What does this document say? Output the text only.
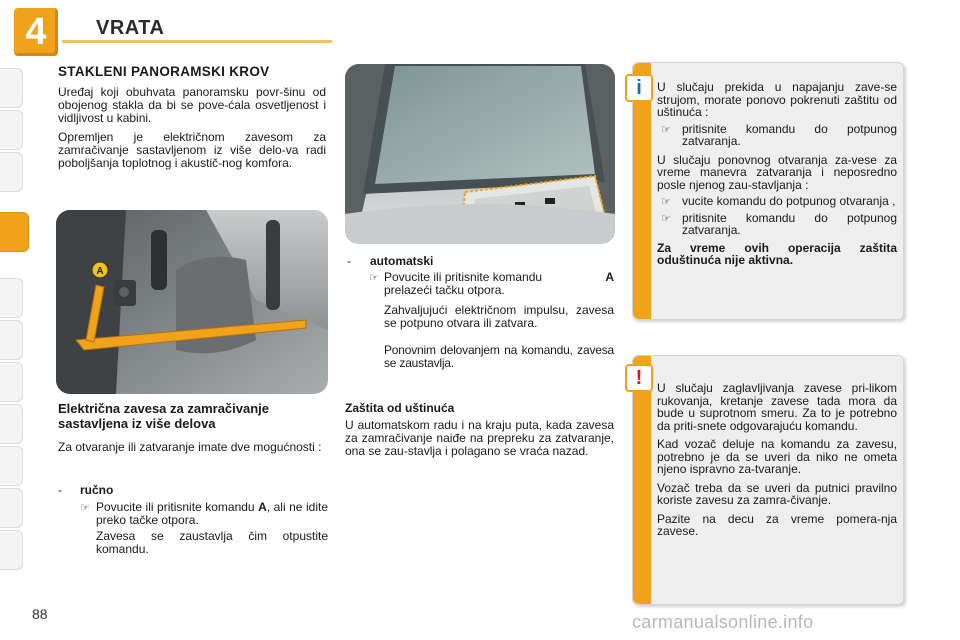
4	VRATA
STAKLENI PANORAMSKI KROV
Uređaj koji obuhvata panoramsku povr-šinu od obojenog stakla da bi se pove-ćala osvetljenost i vidljivost u kabini.
Opremljen je električnom zavesom za zamračivanje sastavljenom iz više delo-va radi poboljšanja toplotnog i akustič-nog komfora.
A
Električna zavesa za zamračivanje sastavljena iz više delova
Za otvaranje ili zatvaranje imate dve mogućnosti :
- ručno
☞ Povucite ili pritisnite komandu A, ali ne idite preko tačke otpora.
Zavesa se zaustavlja čim otpustite komandu.
- automatski
☞ Povucite ili pritisnite komandu	A

prelazeći tačku otpora.
Zahvaljujući električnom impulsu, zavesa se potpuno otvara ili zatvara.
Ponovnim delovanjem na komandu, zavesa se zaustavlja.
Zaštita od uštinuća
U automatskom radu i na kraju puta, kada zavesa za zamračivanje naiđe na prepreku za zatvaranje, ona se zau-stavlja i polagano se vraća nazad.
U slučaju prekida u napajanju zave-se strujom, morate ponovo pokrenuti zaštitu od uštinuća :
☞ pritisnite komandu do potpunog zatvaranja.
U slučaju ponovnog otvaranja za-vese za vreme manevra zatvaranja i neposredno posle njenog zau-stavljanja :
☞ vucite komandu do potpunog otvaranja ,
☞ pritisnite komandu do potpunog zatvaranja.
Za vreme ovih operacija zaštita oduštinuća nije aktivna.
i
U slučaju zaglavljivanja zavese pri-likom rukovanja, kretanje zavese tada mora da bude u suprotnom smeru. Za to je potrebno da priti-snete odgovarajuću komandu.
Kad vozač deluje na komandu za zavesu, potrebno je da se uveri da niko ne ometa njeno ispravno za-tvaranje.
Vozač treba da se uveri da putnici pravilno koriste zavesu za zamra-čivanje.
Pazite na decu za vreme pomera-nja zavese.
!
88	carmanualsonline.info
